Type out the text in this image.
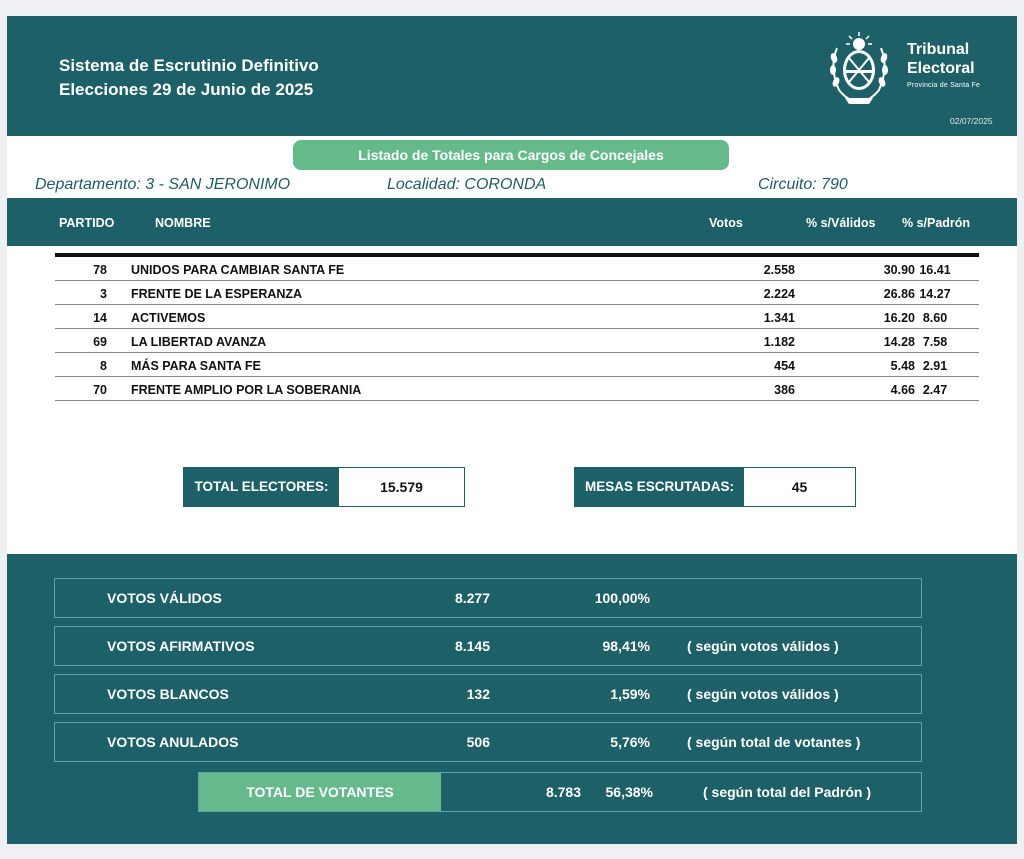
Sistema de Escrutinio Definitivo
Elecciones 29 de Junio de 2025
Tribunal
Electoral
Provincia de Santa Fe
02/07/2025
Listado de Totales para Cargos de Concejales
Departamento: 3 - SAN JERONIMO	Localidad: CORONDA	Circuito: 790
PARTIDO	NOMBRE	Votos	% s/Válidos % s/Padrón
78 UNIDOS PARA CAMBIAR SANTA FE	2.558	30.90 16.41
3 FRENTE DE LA ESPERANZA	2.224	26.86 14.27
14 ACTIVEMOS	1.341	16.20 8.60
69 LA LIBERTAD AVANZA	1.182	14.28 7.58
8 MÁS PARA SANTA FE	454	5.48 2.91
70 FRENTE AMPLIO POR LA SOBERANIA	386	4.66 2.47
TOTAL ELECTORES:	15.579	MESAS ESCRUTADAS:	45
VOTOS VÁLIDOS	8.277	100,00%
VOTOS AFIRMATIVOS	8.145	98,41%	( según votos válidos )
VOTOS BLANCOS	132	1,59%	( según votos válidos )
VOTOS ANULADOS	506	5,76%	( según total de votantes )
TOTAL DE VOTANTES	8.783	56,38%	( según total del Padrón )
